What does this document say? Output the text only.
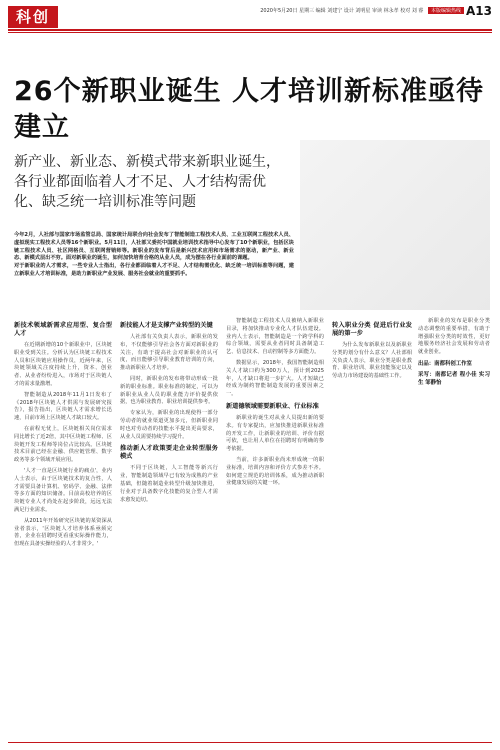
科创	2020年5月20日 星期三 编辑 刘建宁 设计 刘明星 审读 林永孝 校对 刘 睿 本版编辑热线 A13
26个新职业诞生 人才培训新标准亟待建立
新产业、新业态、新模式带来新职业诞生，各行业都面临着人才不足、人才结构需优化、缺乏统一培训标准等问题
今年2月，人社部与国家市场监管总局、国家统计局联合向社会发布了智能制造工程技术人员、工业互联网工程技术人员、虚拟现实工程技术人员等16个新职业。5月11日，人社部又委托中国就业培训技术指导中心发布了10个新职业，包括区块链工程技术人员、社区网格员、互联网营销师等。新职业的发布背后是新兴技术应用和市场需求的驱动，新产业、新业态、新模式层出不穷。面对新职业的诞生，如何加快培育合格的从业人员，成为摆在各行业面前的课题。
对于新职业的人才需求，一些专业人士指出，各行业都面临着人才不足、人才结构需优化、缺乏统一培训标准等问题，建立新职业人才培训标准，是助力新职业产业发展、服务社会就业的重要抓手。
新技术领域新需求应用型、复合型人才

在近期新增的10个新职业中，区块链职业受到关注。分析认为区块链工程技术人员和区块链应用操作员，近两年来，区块链领域关注度持续上升，资本、创业者、从业者纷纷进入，市场对于区块链人才的需求量激增。

智能制造从2018年11月1日发布了《2018年区块链人才供需与发展研究报告》，报告指出，区块链人才需求增长迅速，目前市场上区块链人才缺口较大。

在前程无忧上，区块链相关岗位需求同比增长了近2倍，其中区块链工程师、区块链开发工程师等岗位占比较高。区块链技术目前已经在金融、供应链管理、数字政务等多个领域开展应用。

'人才一直是区块链行业的痛点'，业内人士表示，由于区块链技术的复合性，人才需要具备计算机、密码学、金融、法律等多方面的知识储备。目前高校培养的区块链专业人才尚处在起步阶段，远远无法满足行业需求。

从2011年开始研究区块链的某资深从业者表示，'区块链人才培养体系亟须完善，企业在招聘时更看重实际操作能力，但现在具备实操经验的人才非常少。'

新技能人才是支撑产业转型的关键

人社部有关负责人表示，新职业的发布，不仅能够引导社会各方面对新职业的关注，有助于提高社会对新职业的认可度，而且能够引导职业教育培训的方向，推动新职业人才培养。

同时，新职业的发布将带动形成一批新的职业标准。职业标准的制定，可以为新职业从业人员的职业能力评价提供依据，也为职业教育、职业培训提供参考。

专家认为，新职业的出现使得一部分劳动者的就业渠道更加多元，但新职业同时也对劳动者的技能水平提出更高要求，从业人员需要持续学习提升。

推动新人才政策要走企业转型服务模式

不同于区块链，人工智能等新兴行业，智能制造领域早已有较为成熟的产业基础，但随着制造业转型升级加快推进，行业对于具备数字化技能的复合型人才需求愈发迫切。

智能制造工程技术人员被纳入新职业目录，将加快推动专业化人才队伍建设。业内人士表示，智能制造是一个跨学科的综合领域，需要从业者同时具备制造工艺、信息技术、自动控制等多方面能力。

数据显示，2018年，我国智能制造相关人才缺口约为300万人，预计到2025年，人才缺口将进一步扩大。人才短缺已经成为制约智能制造发展的重要因素之一。

新道德领域需要新职业、行业标准

新职业的诞生对从业人员提出新的要求。有专家提出，应加快推进新职业标准的开发工作，让新职业的培训、评价有据可依，也让用人单位在招聘时有明确的参考依据。

当前，许多新职业尚未形成统一的职业标准，培训内容和评价方式参差不齐。如何建立规范的培训体系，成为推动新职业健康发展的关键一环。

转入职业分类 促进后行业发展的第一步

为什么发布新职业以及新职业分类的划分有什么意义？人社部相关负责人表示，职业分类是职业教育、职业培训、职业技能鉴定以及劳动力市场建设的基础性工作。

新职业的发布是职业分类动态调整的重要举措，有助于增强职业分类的时效性，更好地服务经济社会发展和劳动者就业创业。

出品：南都科创工作室
采写：南都记者 程小佳 实习生 邹静怡
